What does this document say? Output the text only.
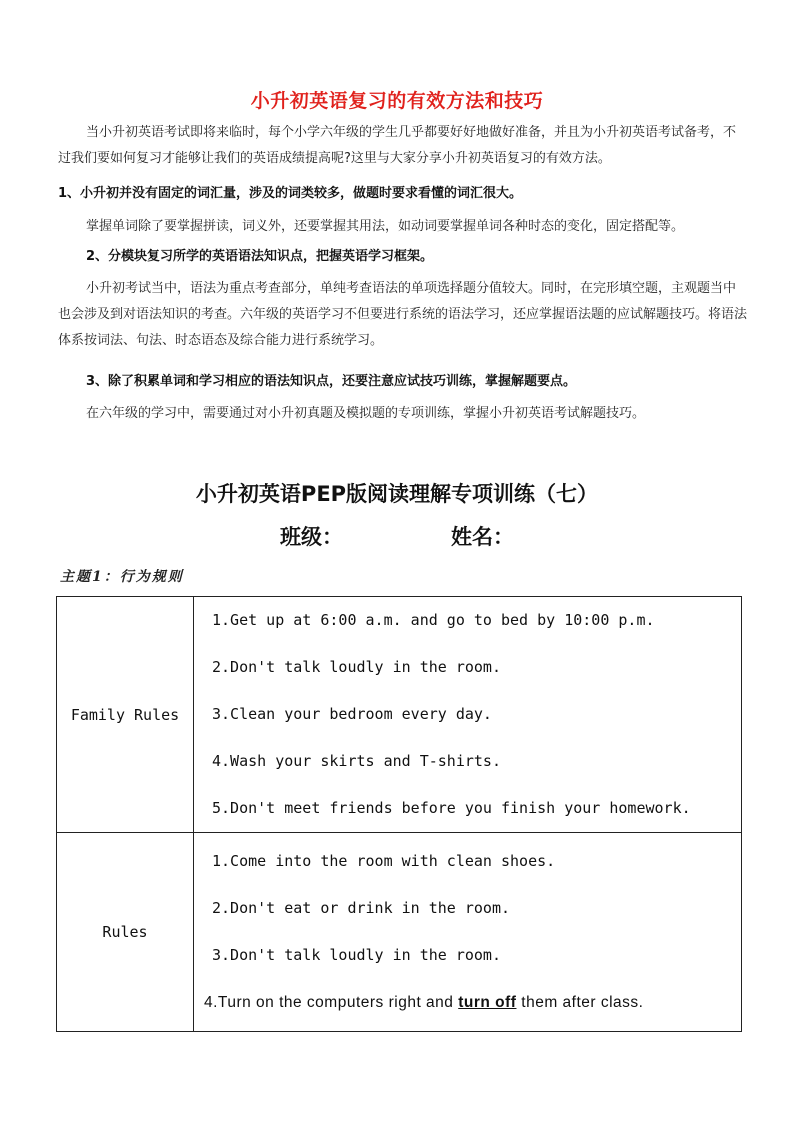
小升初英语复习的有效方法和技巧
当小升初英语考试即将来临时，每个小学六年级的学生几乎都要好好地做好准备，并且为小升初英语考试备考，不过我们要如何复习才能够让我们的英语成绩提高呢?这里与大家分享小升初英语复习的有效方法。
1、小升初并没有固定的词汇量，涉及的词类较多，做题时要求看懂的词汇很大。
掌握单词除了要掌握拼读，词义外，还要掌握其用法，如动词要掌握单词各种时态的变化，固定搭配等。
2、分模块复习所学的英语语法知识点，把握英语学习框架。
小升初考试当中，语法为重点考查部分，单纯考查语法的单项选择题分值较大。同时，在完形填空题，主观题当中也会涉及到对语法知识的考查。六年级的英语学习不但要进行系统的语法学习，还应掌握语法题的应试解题技巧。将语法体系按词法、句法、时态语态及综合能力进行系统学习。
3、除了积累单词和学习相应的语法知识点，还要注意应试技巧训练，掌握解题要点。
在六年级的学习中，需要通过对小升初真题及模拟题的专项训练，掌握小升初英语考试解题技巧。
小升初英语PEP版阅读理解专项训练（七）
班级：	姓名：
主题1：行为规则
Family Rules	1.Get up at 6:00 a.m. and go to bed by 10:00 p.m.
2.Don't talk loudly in the room.
3.Clean your bedroom every day.
4.Wash your skirts and T-shirts.
5.Don't meet friends before you finish your homework.

Rules	1.Come into the room with clean shoes.
2.Don't eat or drink in the room.
3.Don't talk loudly in the room.
4.Turn on the computers right and turn off them after class.
